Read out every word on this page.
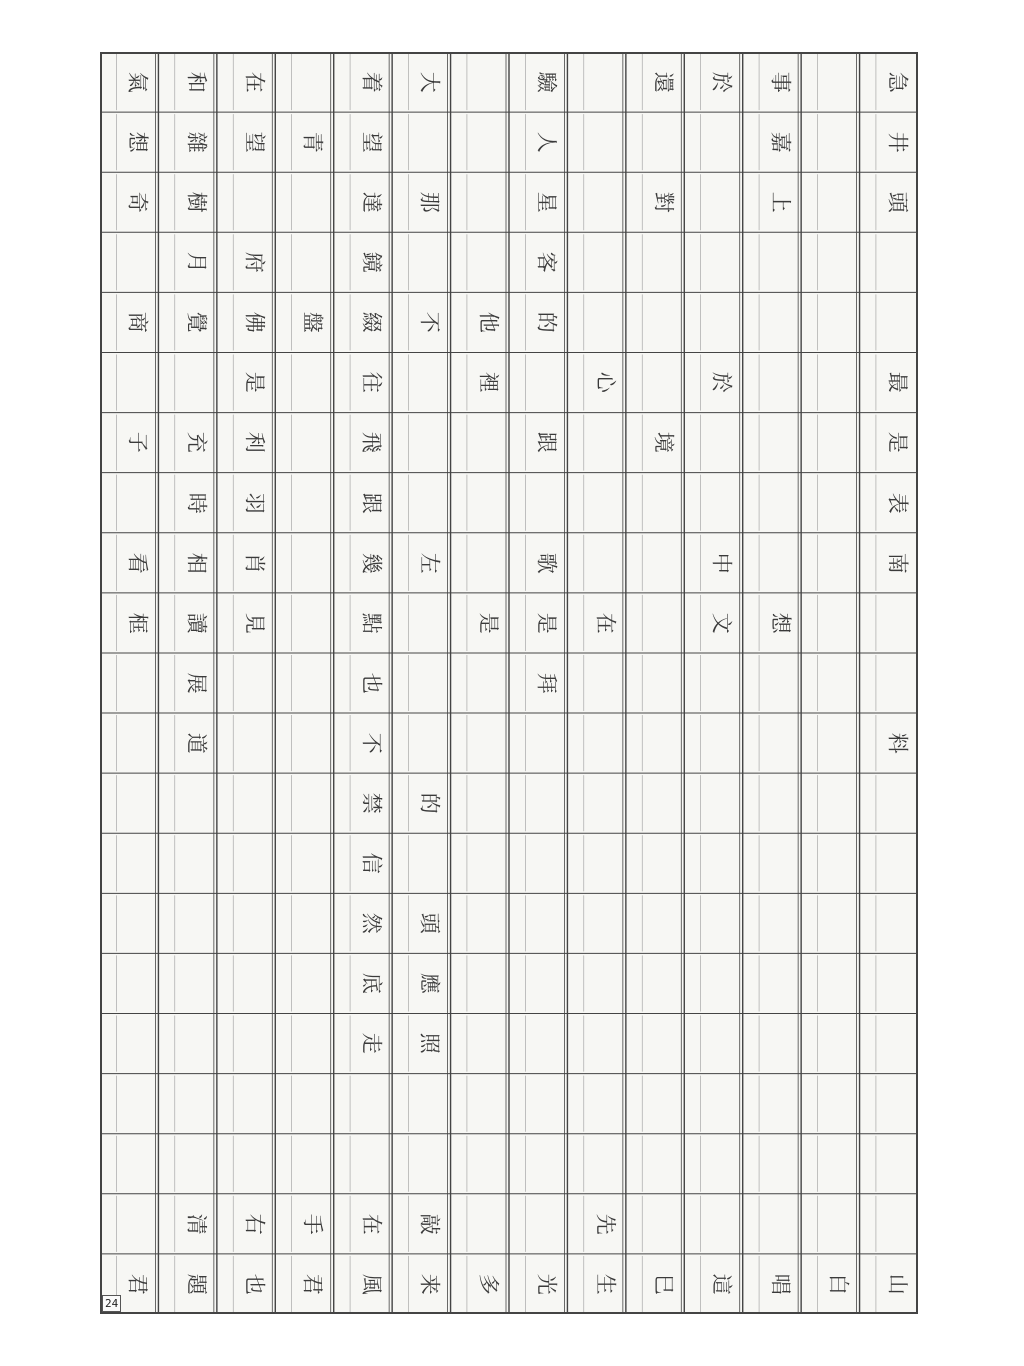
氣
想
奇
商
子
看
框
君
和
雜
樹
月
覺
充
時
相
讀
展
道
清
題
在
望
府
佛
是
利
羽
肖
見
右
也
青
盤
手
君
着
望
達
鏡
綴
往
飛
跟
幾
點
也
不
禁
信
然
底
走
在
風
大
那
不
左
的
頭
應
照
敲
来
他
裡
是
多
驗
人
星
客
的
跟
歌
是
拜
光
心
在
先
生
還
對
境
巳
於
於
中
文
這
事
嘉
上
想
唱	白
急
井
頭
最
是
表
南
料
山
24
